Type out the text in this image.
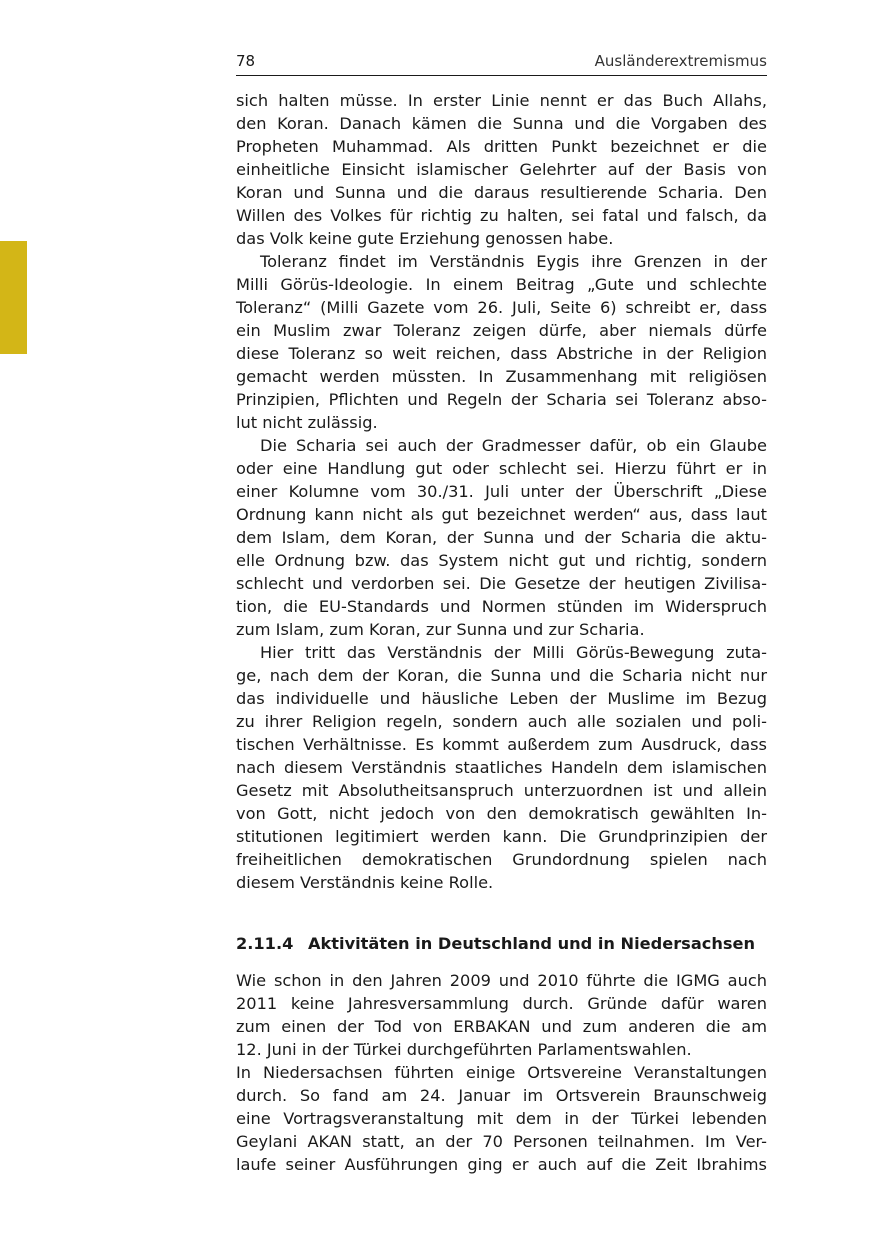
78	Ausländerextremismus
sich halten müsse. In erster Linie nennt er das Buch Allahs,
den Koran. Danach kämen die Sunna und die Vorgaben des
Propheten Muhammad. Als dritten Punkt bezeichnet er die
einheitliche Einsicht islamischer Gelehrter auf der Basis von
Koran und Sunna und die daraus resultierende Scharia. Den
Willen des Volkes für richtig zu halten, sei fatal und falsch, da
das Volk keine gute Erziehung genossen habe.
Toleranz findet im Verständnis Eygis ihre Grenzen in der
Milli Görüs-Ideologie. In einem Beitrag „Gute und schlechte
Toleranz“ (Milli Gazete vom 26. Juli, Seite 6) schreibt er, dass
ein Muslim zwar Toleranz zeigen dürfe, aber niemals dürfe
diese Toleranz so weit reichen, dass Abstriche in der Religion
gemacht werden müssten. In Zusammenhang mit religiösen
Prinzipien, Pflichten und Regeln der Scharia sei Toleranz abso-
lut nicht zulässig.
Die Scharia sei auch der Gradmesser dafür, ob ein Glaube
oder eine Handlung gut oder schlecht sei. Hierzu führt er in
einer Kolumne vom 30./31. Juli unter der Überschrift „Diese
Ordnung kann nicht als gut bezeichnet werden“ aus, dass laut
dem Islam, dem Koran, der Sunna und der Scharia die aktu-
elle Ordnung bzw. das System nicht gut und richtig, sondern
schlecht und verdorben sei. Die Gesetze der heutigen Zivilisa-
tion, die EU-Standards und Normen stünden im Widerspruch
zum Islam, zum Koran, zur Sunna und zur Scharia.
Hier tritt das Verständnis der Milli Görüs-Bewegung zuta-
ge, nach dem der Koran, die Sunna und die Scharia nicht nur
das individuelle und häusliche Leben der Muslime im Bezug
zu ihrer Religion regeln, sondern auch alle sozialen und poli-
tischen Verhältnisse. Es kommt außerdem zum Ausdruck, dass
nach diesem Verständnis staatliches Handeln dem islamischen
Gesetz mit Absolutheitsanspruch unterzuordnen ist und allein
von Gott, nicht jedoch von den demokratisch gewählten In-
stitutionen legitimiert werden kann. Die Grundprinzipien der
freiheitlichen demokratischen Grundordnung spielen nach
diesem Verständnis keine Rolle.
2.11.4 Aktivitäten in Deutschland und in Niedersachsen
Wie schon in den Jahren 2009 und 2010 führte die IGMG auch
2011 keine Jahresversammlung durch. Gründe dafür waren
zum einen der Tod von ERBAKAN und zum anderen die am
12. Juni in der Türkei durchgeführten Parlamentswahlen.
In Niedersachsen führten einige Ortsvereine Veranstaltungen
durch. So fand am 24. Januar im Ortsverein Braunschweig
eine Vortragsveranstaltung mit dem in der Türkei lebenden
Geylani AKAN statt, an der 70 Personen teilnahmen. Im Ver-
laufe seiner Ausführungen ging er auch auf die Zeit Ibrahims
